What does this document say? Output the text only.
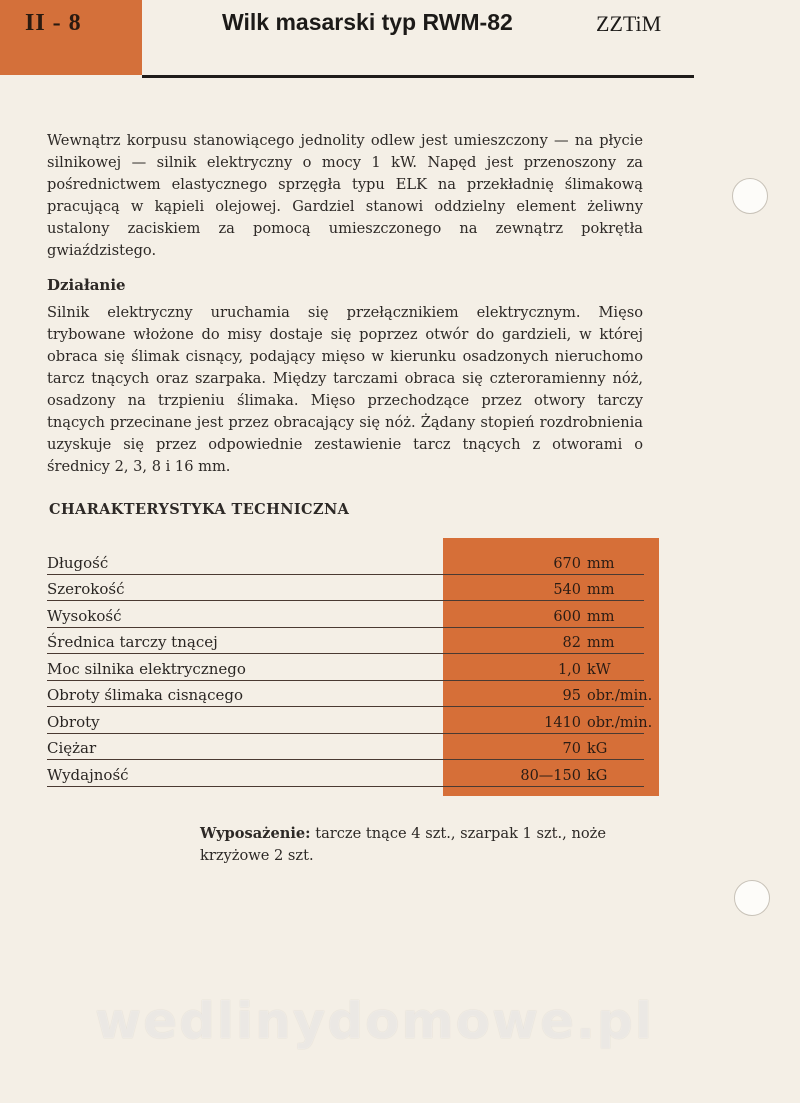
II - 8	Wilk masarski typ RWM-82	ZZTiM

Wewnątrz korpusu stanowiącego jednolity odlew jest umieszczony — na płycie silnikowej — silnik elektryczny o mocy 1 kW. Napęd jest przenoszony za pośrednictwem elastycznego sprzęgła typu ELK na przekładnię ślimakową pracującą w kąpieli olejowej. Gardziel stanowi oddzielny element żeliwny ustalony zaciskiem za pomocą umieszczonego na zewnątrz pokrętła gwiaździstego.

Działanie

Silnik elektryczny uruchamia się przełącznikiem elektrycznym. Mięso trybowane włożone do misy dostaje się poprzez otwór do gardzieli, w której obraca się ślimak cisnący, podający mięso w kierunku osadzonych nieruchomo tarcz tnących oraz szarpaka. Między tarczami obraca się czteroramienny nóż, osadzony na trzpieniu ślimaka. Mięso przechodzące przez otwory tarczy tnących przecinane jest przez obracający się nóż. Żądany stopień rozdrobnienia uzyskuje się przez odpowiednie zestawienie tarcz tnących z otworami o średnicy 2, 3, 8 i 16 mm.

CHARAKTERYSTYKA TECHNICZNA
Długość	670 mm
Szerokość	540 mm
Wysokość	600 mm
Średnica tarczy tnącej	82 mm
Moc silnika elektrycznego	1,0 kW
Obroty ślimaka cisnącego	95 obr./min.
Obroty	1410 obr./min.
Ciężar	70 kG
Wydajność	80—150 kG

Wyposażenie: tarcze tnące 4 szt., szarpak 1 szt., noże krzyżowe 2 szt.

wedlinydomowe.pl
